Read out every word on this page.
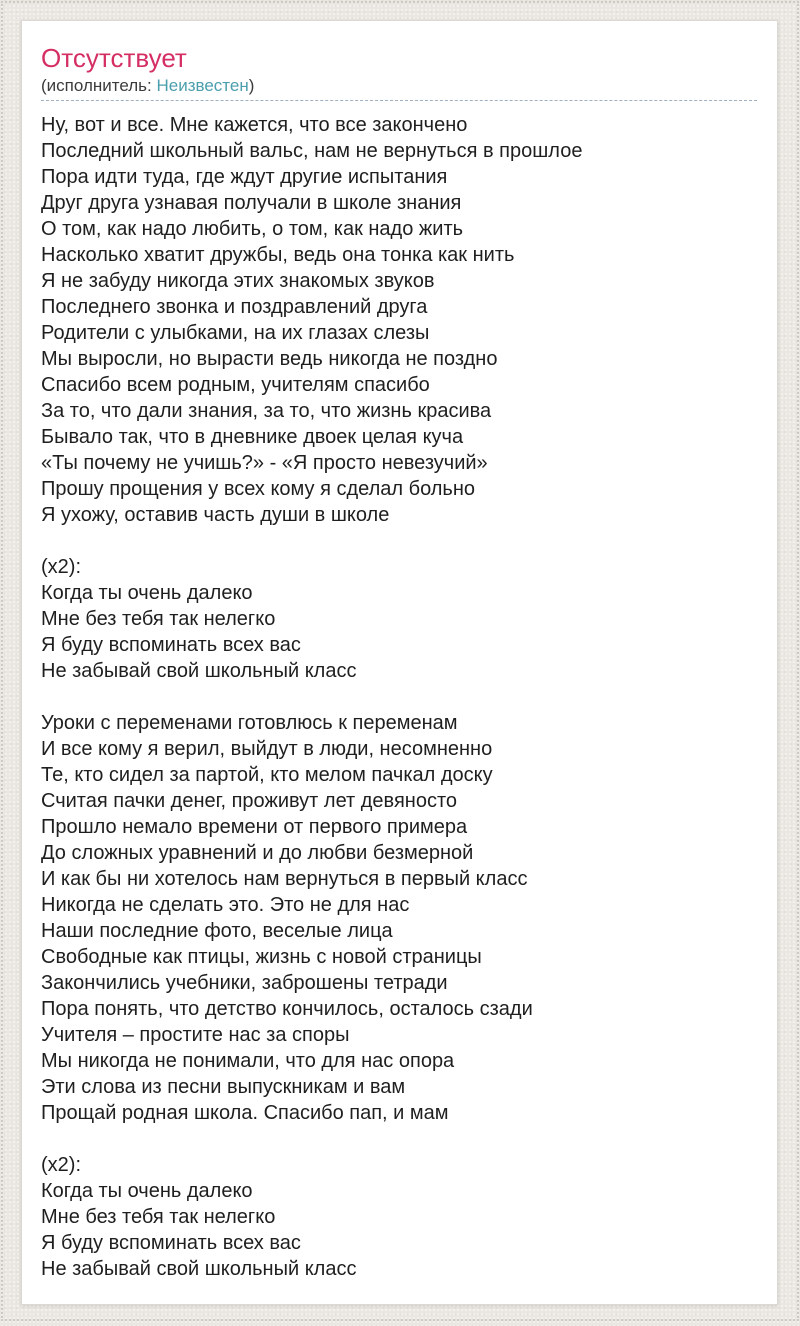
Отсутствует
(исполнитель: Неизвестен)
Ну, вот и все. Мне кажется, что все закончено
Последний школьный вальс, нам не вернуться в прошлое
Пора идти туда, где ждут другие испытания
Друг друга узнавая получали в школе знания
О том, как надо любить, о том, как надо жить
Насколько хватит дружбы, ведь она тонка как нить
Я не забуду никогда этих знакомых звуков
Последнего звонка и поздравлений друга
Родители с улыбками, на их глазах слезы
Мы выросли, но вырасти ведь никогда не поздно
Спасибо всем родным, учителям спасибо
За то, что дали знания, за то, что жизнь красива
Бывало так, что в дневнике двоек целая куча
«Ты почему не учишь?» - «Я просто невезучий»
Прошу прощения у всех кому я сделал больно
Я ухожу, оставив часть души в школе
(x2):
Когда ты очень далеко
Мне без тебя так нелегко
Я буду вспоминать всех вас
Не забывай свой школьный класс
Уроки с переменами готовлюсь к переменам
И все кому я верил, выйдут в люди, несомненно
Те, кто сидел за партой, кто мелом пачкал доску
Считая пачки денег, проживут лет девяносто
Прошло немало времени от первого примера
До сложных уравнений и до любви безмерной
И как бы ни хотелось нам вернуться в первый класс
Никогда не сделать это. Это не для нас
Наши последние фото, веселые лица
Свободные как птицы, жизнь с новой страницы
Закончились учебники, заброшены тетради
Пора понять, что детство кончилось, осталось сзади
Учителя – простите нас за споры
Мы никогда не понимали, что для нас опора
Эти слова из песни выпускникам и вам
Прощай родная школа. Спасибо пап, и мам
(x2):
Когда ты очень далеко
Мне без тебя так нелегко
Я буду вспоминать всех вас
Не забывай свой школьный класс
